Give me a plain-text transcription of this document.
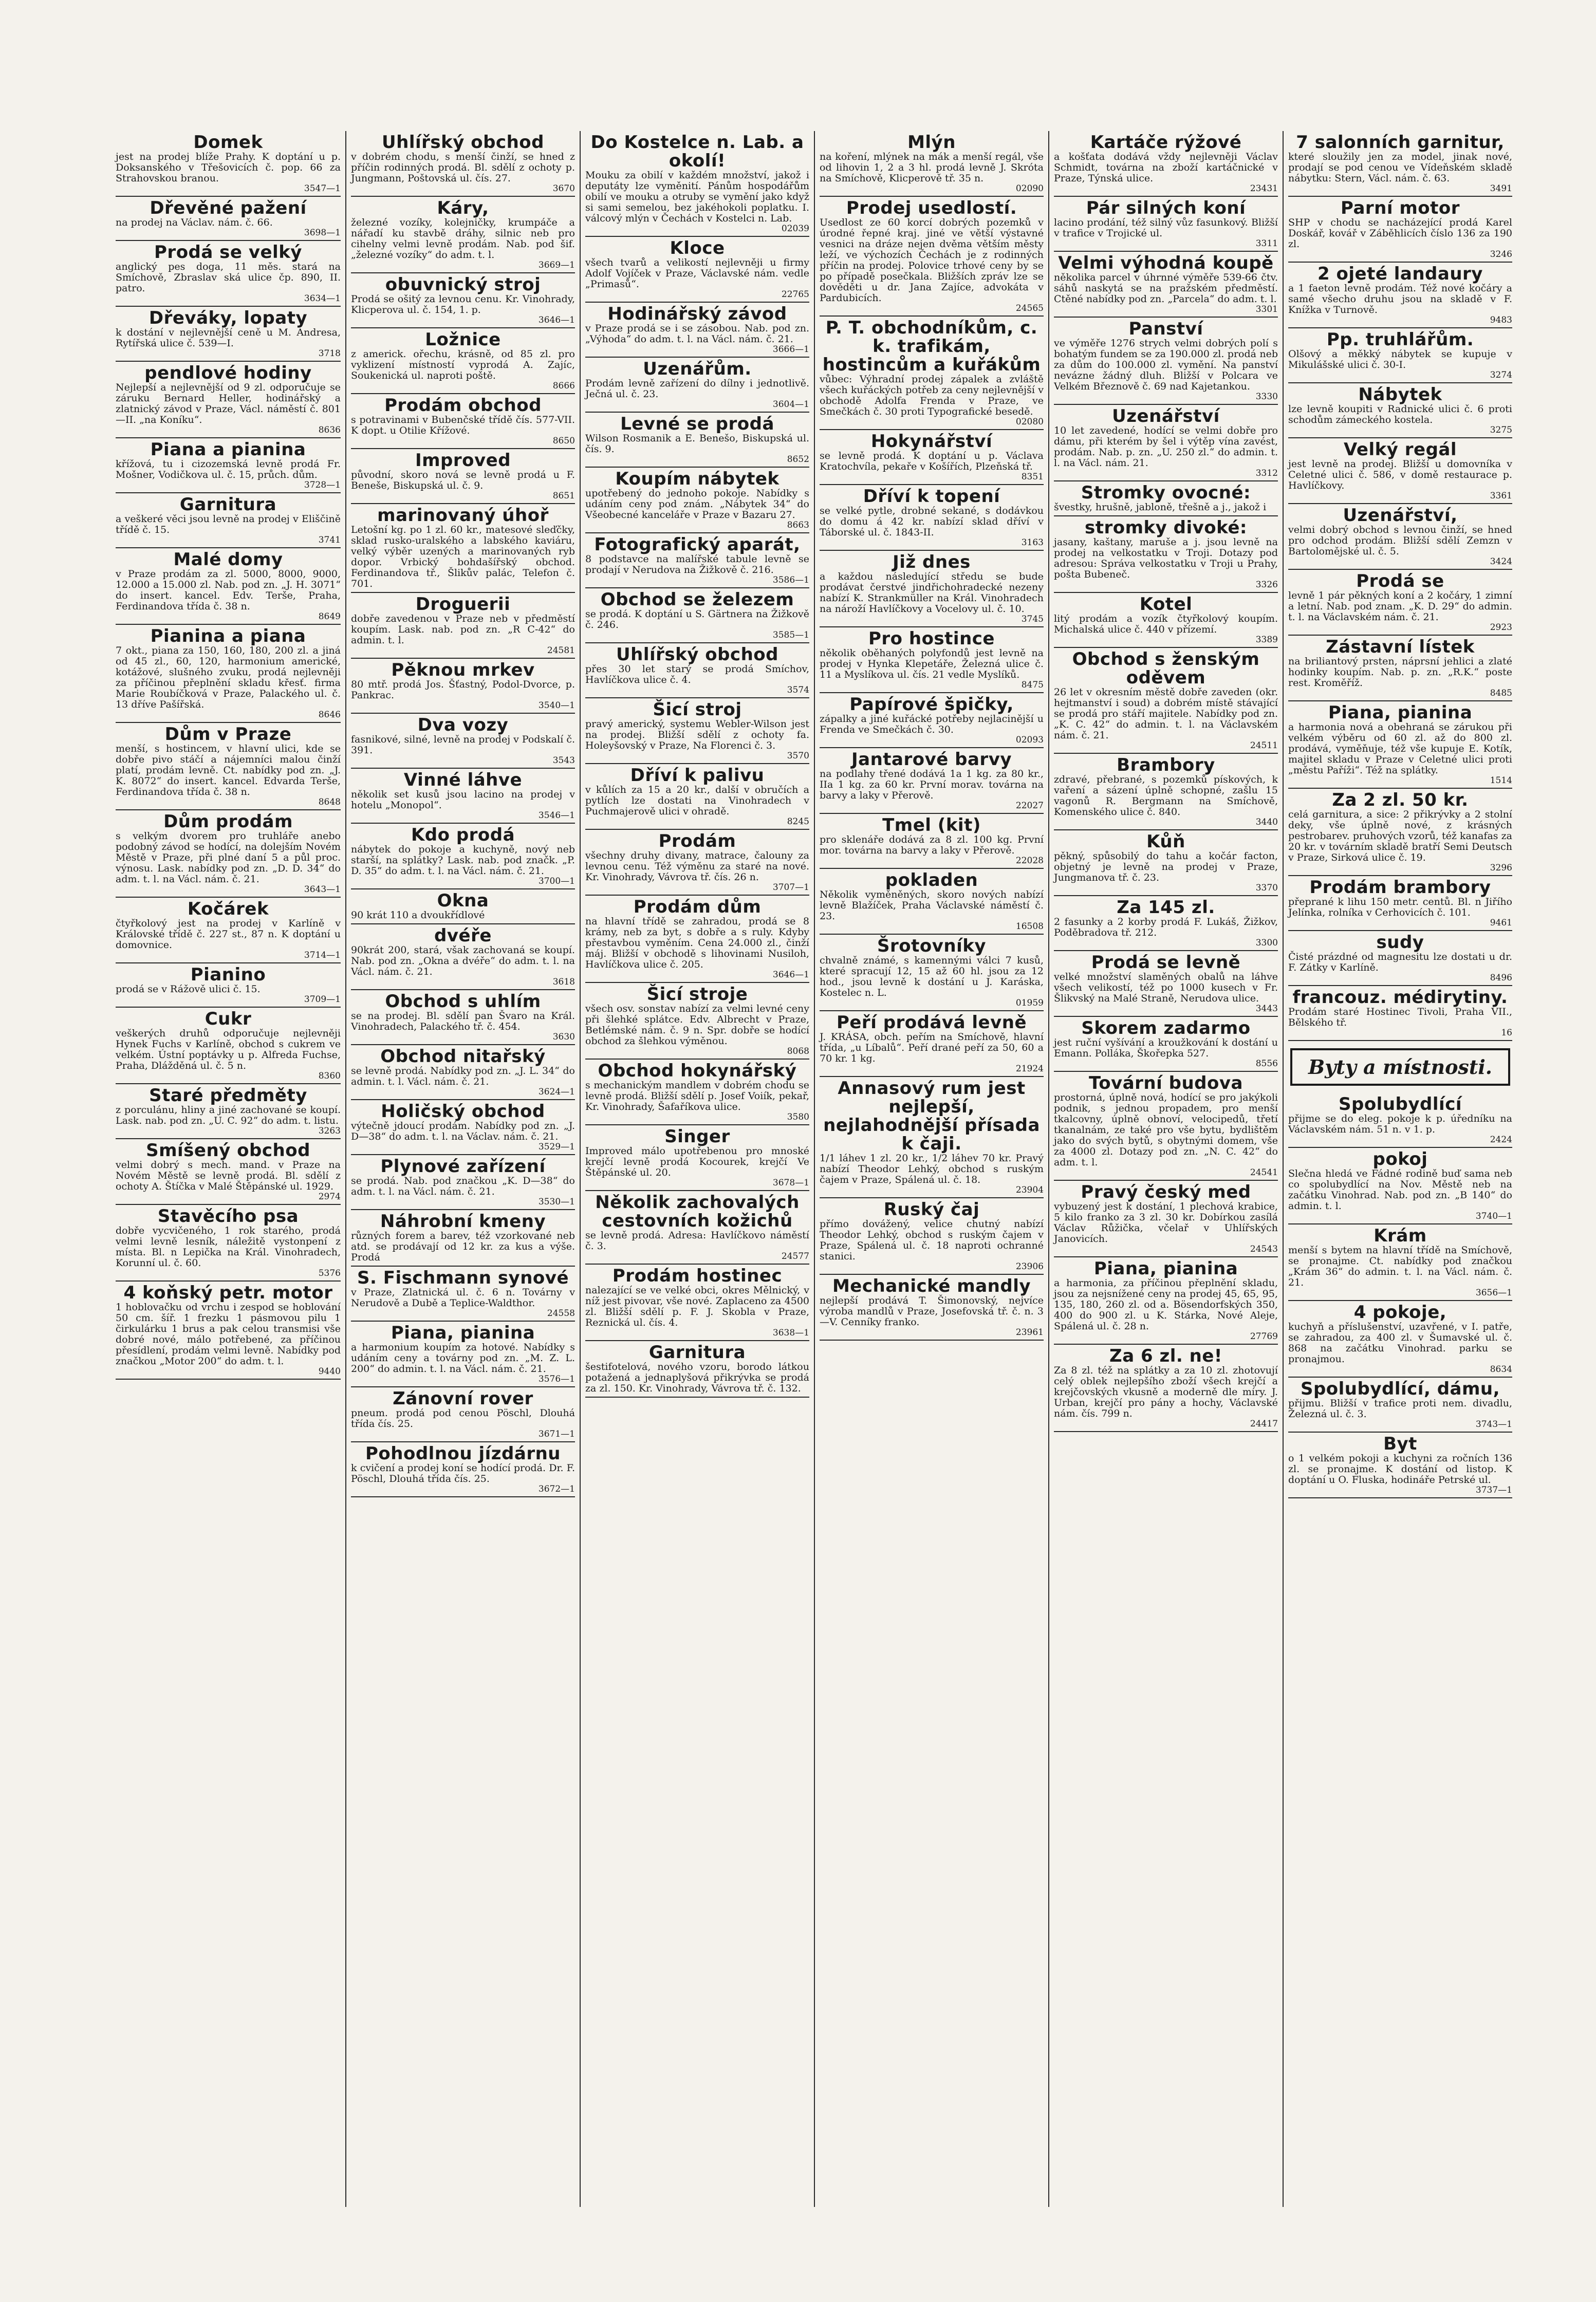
Domek
jest na prodej blíže Prahy. K doptání u p. Doksanského v Třešovicích č. pop. 66 za Strahovskou branou.
3547—1
Dřevěné pažení
na prodej na Václav. nám. č. 66.
3698—1
Prodá se velký
anglický pes doga, 11 měs. stará na Smíchově, Zbraslav ská ulice čp. 890, II. patro.
3634—1
Dřeváky, lopaty
k dostání v nejlevnější ceně u M. Andresa, Rytířská ulice č. 539—I.
3718
pendlové hodiny
Nejlepší a nejlevnější od 9 zl. odporučuje se záruku Bernard Heller, hodinářský a zlatnický závod v Praze, Václ. náměstí č. 801—II. „na Koníku“.
8636
Piana a pianina
křížová, tu i cizozemská levně prodá Fr. Mošner, Vodičkova ul. č. 15, průch. dům.
3728—1
Garnitura
a veškeré věci jsou levně na prodej v Eliščině třídě č. 15.
3741
Malé domy
v Praze prodám za zl. 5000, 8000, 9000, 12.000 a 15.000 zl. Nab. pod zn. „J. H. 3071“ do insert. kancel. Edv. Terše, Praha, Ferdinandova třída č. 38 n.
8649
Pianina a piana
7 okt., piana za 150, 160, 180, 200 zl. a jiná od 45 zl., 60, 120, harmonium americké, kotážové, slušného zvuku, prodá nejlevněji za příčinou přeplnění skladu křesť. firma Marie Roubíčková v Praze, Palackého ul. č. 13 dříve Pašířská.
8646
Dům v Praze
menší, s hostincem, v hlavní ulici, kde se dobře pivo stáčí a nájemníci malou činží platí, prodám levně. Ct. nabídky pod zn. „J. K. 8072“ do insert. kancel. Edvarda Terše, Ferdinandova třída č. 38 n.
8648
Dům prodám
s velkým dvorem pro truhláře anebo podobný závod se hodící, na dolejším Novém Městě v Praze, při plné daní 5 a půl proc. výnosu. Lask. nabídky pod zn. „D. D. 34“ do adm. t. l. na Václ. nám. č. 21.
3643—1
Kočárek
čtyřkolový jest na prodej v Karlíně v Královské třídě č. 227 st., 87 n. K doptání u domovnice.
3714—1
Pianino
prodá se v Rážově ulici č. 15.
3709—1
Cukr
veškerých druhů odporučuje nejlevněji Hynek Fuchs v Karlíně, obchod s cukrem ve velkém. Ústní poptávky u p. Alfreda Fuchse, Praha, Dlážděná ul. č. 5 n.
8360
Staré předměty
z porculánu, hliny a jiné zachované se koupí. Lask. nab. pod zn. „U. C. 92“ do adm. t. listu.
3263
Smíšený obchod
velmi dobrý s mech. mand. v Praze na Novém Městě se levně prodá. Bl. sdělí z ochoty A. Štíčka v Malé Štěpánské ul. 1929.
2974
Stavěcího psa
dobře vycvičeného, 1 rok starého, prodá velmi levně lesník, náležitě vystonpení z místa. Bl. n Lepička na Král. Vinohradech, Korunní ul. č. 60.
5376
4 koňský petr. motor
1 hoblovačku od vrchu i zespod se hoblování 50 cm. šíř. 1 frezku 1 pásmovou pilu 1 čirkulárku 1 brus a pak celou transmisi vše dobré nové, málo potřebené, za příčinou přesídlení, prodám velmi levně. Nabídky pod značkou „Motor 200“ do adm. t. l.
9440
Uhlířský obchod
v dobrém chodu, s menší činží, se hned z příčin rodinných prodá. Bl. sdělí z ochoty p. Jungmann, Poštovská ul. čís. 27.
3670
Káry,
železné vozíky, kolejničky, krumpáče a nářadí ku stavbě dráhy, silnic neb pro cihelny velmi levně prodám. Nab. pod šif. „železné vozíky“ do adm. t. l.
3669—1
obuvnický stroj
Prodá se ošitý za levnou cenu. Kr. Vinohrady, Klicperova ul. č. 154, 1. p.
3646—1
Ložnice
z americk. ořechu, krásně, od 85 zl. pro vyklizení místností vyprodá A. Zajíc, Soukenická ul. naproti poště.
8666
Prodám obchod
s potravinami v Bubenčské třídě čís. 577-VII. K dopt. u Otilie Křížové.
8650
Improved
původní, skoro nová se levně prodá u F. Beneše, Biskupská ul. č. 9.
8651
marinovaný úhoř
Letošní kg. po 1 zl. 60 kr., matesové sleďčky, sklad rusko-uralského a labského kaviáru, velký výběr uzených a marinovaných ryb dopor. Vrbický bohdašířský obchod. Ferdinandova tř., Šlikův palác, Telefon č. 701.
Droguerii
dobře zavedenou v Praze neb v předměstí koupím. Lask. nab. pod zn. „R C-42“ do admin. t. l.
24581
Pěknou mrkev
80 mtř. prodá Jos. Šťastný, Podol-Dvorce, p. Pankrac.
3540—1
Dva vozy
fasnikové, silné, levně na prodej v Podskalí č. 391.
3543
Vinné láhve
několik set kusů jsou lacino na prodej v hotelu „Monopol“.
3546—1
Kdo prodá
nábytek do pokoje a kuchyně, nový neb starší, na splátky? Lask. nab. pod značk. „P. D. 35“ do adm. t. l. na Václ. nám. č. 21.
3700—1
Okna
90 krát 110 a dvoukřídlové
dvéře
90krát 200, stará, však zachovaná se koupí. Nab. pod zn. „Okna a dvéře“ do adm. t. l. na Václ. nám. č. 21.
3618
Obchod s uhlím
se na prodej. Bl. sdělí pan Švaro na Král. Vinohradech, Palackého tř. č. 454.
3630
Obchod nitařský
se levně prodá. Nabídky pod zn. „J. L. 34“ do admin. t. l. Václ. nám. č. 21.
3624—1
Holičský obchod
výtečně jdoucí prodám. Nabídky pod zn. „J. D—38“ do adm. t. l. na Václav. nám. č. 21.
3529—1
Plynové zařízení
se prodá. Nab. pod značkou „K. D—38“ do adm. t. l. na Václ. nám. č. 21.
3530—1
Náhrobní kmeny
různých forem a barev, též vzorkované neb atd. se prodávají od 12 kr. za kus a výše. Prodá
S. Fischmann synové
v Praze, Zlatnická ul. č. 6 n. Továrny v Nerudově a Dubě a Teplice-Waldthor.
24558
Piana, pianina
a harmonium koupím za hotové. Nabídky s udáním ceny a továrny pod zn. „M. Z. L. 200“ do admin. t. l. na Václ. nám. č. 21.
3576—1
Zánovní rover
pneum. prodá pod cenou Pöschl, Dlouhá třída čís. 25.
3671—1
Pohodlnou jízdárnu
k cvičení a prodej koní se hodící prodá. Dr. F. Pöschl, Dlouhá třída čís. 25.
3672—1
Do Kostelce n. Lab. a okolí!
Mouku za obilí v každém množství, jakož i deputáty lze vyměnití. Pánům hospodářům obilí ve mouku a otruby se vymění jako když si sami semelou, bez jakéhokoli poplatku. I. válcový mlýn v Čechách v Kostelci n. Lab.
02039
Kloce
všech tvarů a velikostí nejlevněji u firmy Adolf Vojíček v Praze, Václavské nám. vedle „Primasů“.
22765
Hodinářský závod
v Praze prodá se i se zásobou. Nab. pod zn. „Výhoda“ do adm. t. l. na Václ. nám. č. 21.
3666—1
Uzenářům.
Prodám levně zařízení do dílny i jednotlivě. Ječná ul. č. 23.
3604—1
Levné se prodá
Wilson Rosmanik a E. Benešo, Biskupská ul. čís. 9.
8652
Koupím nábytek
upotřebený do jednoho pokoje. Nabídky s udáním ceny pod znám. „Nábytek 34“ do Všeobecné kanceláře v Praze v Bazaru 27.
8663
Fotografický aparát,
8 podstavce na malířské tabule levně se prodají v Nerudova na Žižkově č. 216.
3586—1
Obchod se železem
se prodá. K doptání u S. Gärtnera na Žižkově č. 246.
3585—1
Uhlířský obchod
přes 30 let starý se prodá Smíchov, Havlíčkova ulice č. 4.
3574
Šicí stroj
pravý americký, systemu Webler-Wilson jest na prodej. Bližší sdělí z ochoty fa. Holeyšovský v Praze, Na Florenci č. 3.
3570
Dříví k palivu
v kůlích za 15 a 20 kr., další v obručích a pytlích lze dostati na Vinohradech v Puchmajerově ulici v ohradě.
8245
Prodám
všechny druhy divany, matrace, čalouny za levnou cenu. Též výměnu za staré na nové. Kr. Vinohrady, Vávrova tř. čís. 26 n.
3707—1
Prodám dům
na hlavní třídě se zahradou, prodá se 8 krámy, neb za byt, s dobře a s ruly. Kdyby přestavbou vyměním. Cena 24.000 zl., činží máj. Bližší v obchodě s lihovinami Nusiloh, Havlíčkova ulice č. 205.
3646—1
Šicí stroje
všech osv. sonstav nabízí za velmi levné ceny při šlehké splátce. Edv. Albrecht v Praze, Betlémské nám. č. 9 n. Spr. dobře se hodící obchod za šlehkou výměnou.
8068
Obchod hokynářský
s mechanickým mandlem v dobrém chodu se levně prodá. Bližší sdělí p. Josef Voiík, pekař, Kr. Vinohrady, Šafaříkova ulice.
3580
Singer
Improved málo upotřebenou pro mnoské krejčí levně prodá Kocourek, krejčí Ve Štěpánské ul. 20.
3678—1
Několik zachovalých cestovních kožichů
se levně prodá. Adresa: Havlíčkovo náměstí č. 3.
24577
Prodám hostinec
nalezající se ve velké obci, okres Mělnický, v níž jest pivovar, vše nové. Zaplaceno za 4500 zl. Bližší sdělí p. F. J. Skobla v Praze, Reznická ul. čís. 4.
3638—1
Garnitura
šestifotelová, nového vzoru, borodo látkou potažená a jednaplyšová přikrývka se prodá za zl. 150. Kr. Vinohrady, Vávrova tř. č. 132.
Mlýn
na koření, mlýnek na mák a menší regál, vše od lihovin 1, 2 a 3 hl. prodá levně J. Skróta na Smíchově, Klicperově tř. 35 n.
02090
Prodej usedlostí.
Usedlost ze 60 korcí dobrých pozemků v úrodné řepné kraj. jiné ve větší výstavné vesnici na dráze nejen dvěma větším městy leží, ve výchozích Čechách je z rodinných příčin na prodej. Polovice trhové ceny by se po případě posečkala. Bližších zpráv lze se dověděti u dr. Jana Zajíce, advokáta v Pardubicích.
24565
P. T. obchodníkům, c. k. trafikám, hostincům a kuřákům
vůbec: Výhradní prodej zápalek a zvláště všech kuřáckých potřeb za ceny nejlevnější v obchodě Adolfa Frenda v Praze, ve Smečkách č. 30 proti Typografické besedě.
02080
Hokynářství
se levně prodá. K doptání u p. Václava Kratochvíla, pekaře v Košířích, Plzeňská tř.
8351
Dříví k topení
se velké pytle, drobné sekané, s dodávkou do domu á 42 kr. nabízí sklad dříví v Táborské ul. č. 1843-II.
3163
Již dnes
a každou následující středu se bude prodávat čerstvé jindřichohradecké nezeny nabízí K. Strankmüller na Král. Vinohradech na nároží Havlíčkovy a Vocelovy ul. č. 10.
3745
Pro hostince
několik oběhaných polyfondů jest levně na prodej v Hynka Klepetáře, Železná ulice č. 11 a Myslíkova ul. čís. 21 vedle Myslíků.
8475
Papírové špičky,
zápalky a jiné kuřácké potřeby nejlacinější u Frenda ve Smečkách č. 30.
02093
Jantarové barvy
na podlahy třené dodává 1a 1 kg. za 80 kr., IIa 1 kg. za 60 kr. První morav. továrna na barvy a laky v Přerově.
22027
Tmel (kit)
pro sklenáře dodává za 8 zl. 100 kg. První mor. továrna na barvy a laky v Přerově.
22028
pokladen
Několik vyměněných, skoro nových nabízí levně Blažíček, Praha Václavské náměstí č. 23.
16508
Šrotovníky
chvalně známé, s kamennými válci 7 kusů, které spracují 12, 15 až 60 hl. jsou za 12 hod., jsou levně k dostání u J. Karáska, Kostelec n. L.
01959
Peří prodává levně
J. KRÁSA, obch. peřím na Smíchově, hlavní třída, „u Líbalů“. Peří drané peří za 50, 60 a 70 kr. 1 kg.
21924
Annasový rum jest nejlepší, nejlahodnější přísada k čaji.
1/1 láhev 1 zl. 20 kr., 1/2 láhev 70 kr. Pravý nabízí Theodor Lehký, obchod s ruským čajem v Praze, Spálená ul. č. 18.
23904
Ruský čaj
přímo dovážený, velice chutný nabízí Theodor Lehký, obchod s ruským čajem v Praze, Spálená ul. č. 18 naproti ochranné stanici.
23906
Mechanické mandly
nejlepší prodává T. Šimonovský, nejvíce výroba mandlů v Praze, Josefovská tř. č. n. 3—V. Cenníky franko.
23961
Kartáče rýžové
a košťata dodává vždy nejlevněji Václav Schmidt, továrna na zboží kartáčnické v Praze, Týnská ulice.
23431
Pár silných koní
lacino prodání, též silný vůz fasunkový. Bližší v trafice v Trojické ul.
3311
Velmi výhodná koupě
několika parcel v úhrnné výměře 539-66 čtv. sáhů naskytá se na pražském předměstí. Ctěné nabídky pod zn. „Parcela“ do adm. t. l.
3301
Panství
ve výměře 1276 strych velmi dobrých polí s bohatým fundem se za 190.000 zl. prodá neb za dům do 100.000 zl. vymění. Na panství nevázne žádný dluh. Bližší v Polcara ve Velkém Březnově č. 69 nad Kajetankou.
3330
Uzenářství
10 let zavedené, hodící se velmi dobře pro dámu, při kterém by šel i výtěp vína zavést, prodám. Nab. p. zn. „U. 250 zl.“ do admin. t. l. na Václ. nám. 21.
3312
Stromky ovocné:
švestky, hrušně, jabloně, třešně a j., jakož i
stromky divoké:
jasany, kaštany, maruše a j. jsou levně na prodej na velkostatku v Troji. Dotazy pod adresou: Správa velkostatku v Troji u Prahy, pošta Bubeneč.
3326
Kotel
litý prodám a vozík čtyřkolový koupím. Michalská ulice č. 440 v přízemí.
3389
Obchod s ženským oděvem
26 let v okresním městě dobře zaveden (okr. hejtmanství i soud) a dobrém místě stávající se prodá pro stáří majitele. Nabídky pod zn. „K. C. 42“ do admin. t. l. na Václavském nám. č. 21.
24511
Brambory
zdravé, přebrané, s pozemků pískových, k vaření a sázení úplně schopné, zašlu 15 vagonů R. Bergmann na Smíchově, Komenského ulice č. 840.
3440
Kůň
pěkný, spůsobilý do tahu a kočár facton, objetný je levně na prodej v Praze, Jungmanova tř. č. 23.
3370
Za 145 zl.
2 fasunky a 2 korby prodá F. Lukáš, Žižkov, Poděbradova tř. 212.
3300
Prodá se levně
velké množství slaměných obalů na láhve všech velikostí, též po 1000 kusech v Fr. Šlikvský na Malé Straně, Nerudova ulice.
3443
Skorem zadarmo
jest ruční vyšívání a kroužkování k dostání u Emann. Polláka, Škořepka 527.
8556
Tovární budova
prostorná, úplně nová, hodící se pro jakýkoli podnik, s jednou propadem, pro menší tkalcovny, úplně obnoví, velocipedů, třetí tkanalnám, ze také pro vše bytu, bydlištěm jako do svých bytů, s obytnými domem, vše za 4000 zl. Dotazy pod zn. „N. C. 42“ do adm. t. l.
24541
Pravý český med
vybuzený jest k dostání, 1 plechová krabice, 5 kilo franko za 3 zl. 30 kr. Dobírkou zasílá Václav Růžička, včelař v Uhlířských Janovicích.
24543
Piana, pianina
a harmonia, za příčinou přeplnění skladu, jsou za nejsnížené ceny na prodej 45, 65, 95, 135, 180, 260 zl. od a. Bösendorfských 350, 400 do 900 zl. u K. Stárka, Nové Aleje, Spálená ul. č. 28 n.
27769
Za 6 zl. ne!
Za 8 zl. též na splátky a za 10 zl. zhotovují celý oblek nejlepšího zboží všech krejčí a krejčovských vkusně a moderně dle míry. J. Urban, krejčí pro pány a hochy, Václavské nám. čís. 799 n.
24417
7 salonních garnitur,
které sloužily jen za model, jinak nové, prodají se pod cenou ve Vídeňském skladě nábytku: Stern, Václ. nám. č. 63.
3491
Parní motor
SHP v chodu se nacházející prodá Karel Doskář, kovář v Záběhlicích číslo 136 za 190 zl.
3246
2 ojeté landaury
a 1 faeton levně prodám. Též nové kočáry a samé všecho druhu jsou na skladě v F. Knížka v Turnově.
9483
Pp. truhlářům.
Olšový a měkký nábytek se kupuje v Mikulášské ulici č. 30-I.
3274
Nábytek
lze levně koupiti v Radnické ulici č. 6 proti schodům zámeckého kostela.
3275
Velký regál
jest levně na prodej. Bližší u domovníka v Celetné ulici č. 586, v domě restaurace p. Havlíčkovy.
3361
Uzenářství,
velmi dobrý obchod s levnou činží, se hned pro odchod prodám. Bližší sdělí Zemzn v Bartolomějské ul. č. 5.
3424
Prodá se
levně 1 pár pěkných koní a 2 kočáry, 1 zimní a letní. Nab. pod znam. „K. D. 29“ do admin. t. l. na Václavském nám. č. 21.
2923
Zástavní lístek
na briliantový prsten, náprsní jehlici a zlaté hodinky koupím. Nab. p. zn. „R.K.“ poste rest. Kroměříž.
8485
Piana, pianina
a harmonia nová a obehraná se zárukou při velkém výběru od 60 zl. až do 800 zl. prodává, vyměňuje, též vše kupuje E. Kotík, majitel skladu v Praze v Celetné ulici proti „městu Paříži“. Též na splátky.
1514
Za 2 zl. 50 kr.
celá garnitura, a sice: 2 přikrývky a 2 stolní deky, vše úplně nové, z krásných pestrobarev. pruhových vzorů, též kanafas za 20 kr. v továrním skladě bratří Semi Deutsch v Praze, Sirková ulice č. 19.
3296
Prodám brambory
přeprané k lihu 150 metr. centů. Bl. n Jiřího Jelínka, rolníka v Cerhovicích č. 101.
9461
sudy
Čisté prázdné od magnesitu lze dostati u dr. F. Zátky v Karlíně.
8496
francouz. médirytiny.
Prodám staré Hostinec Tivoli, Praha VII., Bělského tř.
16
Byty a místnosti.
Spolubydlící
přijme se do eleg. pokoje k p. úředníku na Václavském nám. 51 n. v 1. p.
2424
pokoj
Slečna hledá ve Fádné rodině buď sama neb co spolubydlící na Nov. Městě neb na začátku Vinohrad. Nab. pod zn. „B 140“ do admin. t. l.
3740—1
Krám
menší s bytem na hlavní třídě na Smíchově, se pronajme. Ct. nabídky pod značkou „Krám 36“ do admin. t. l. na Václ. nám. č. 21.
3656—1
4 pokoje,
kuchyň a příslušenství, uzavřené, v I. patře, se zahradou, za 400 zl. v Šumavské ul. č. 868 na začátku Vinohrad. parku se pronajmou.
8634
Spolubydlící, dámu,
přijmu. Bližší v trafice proti nem. divadlu, Železná ul. č. 3.
3743—1
Byt
o 1 velkém pokoji a kuchyni za ročních 136 zl. se pronajme. K dostání od listop. K doptání u O. Fluska, hodináře Petrské ul.
3737—1
